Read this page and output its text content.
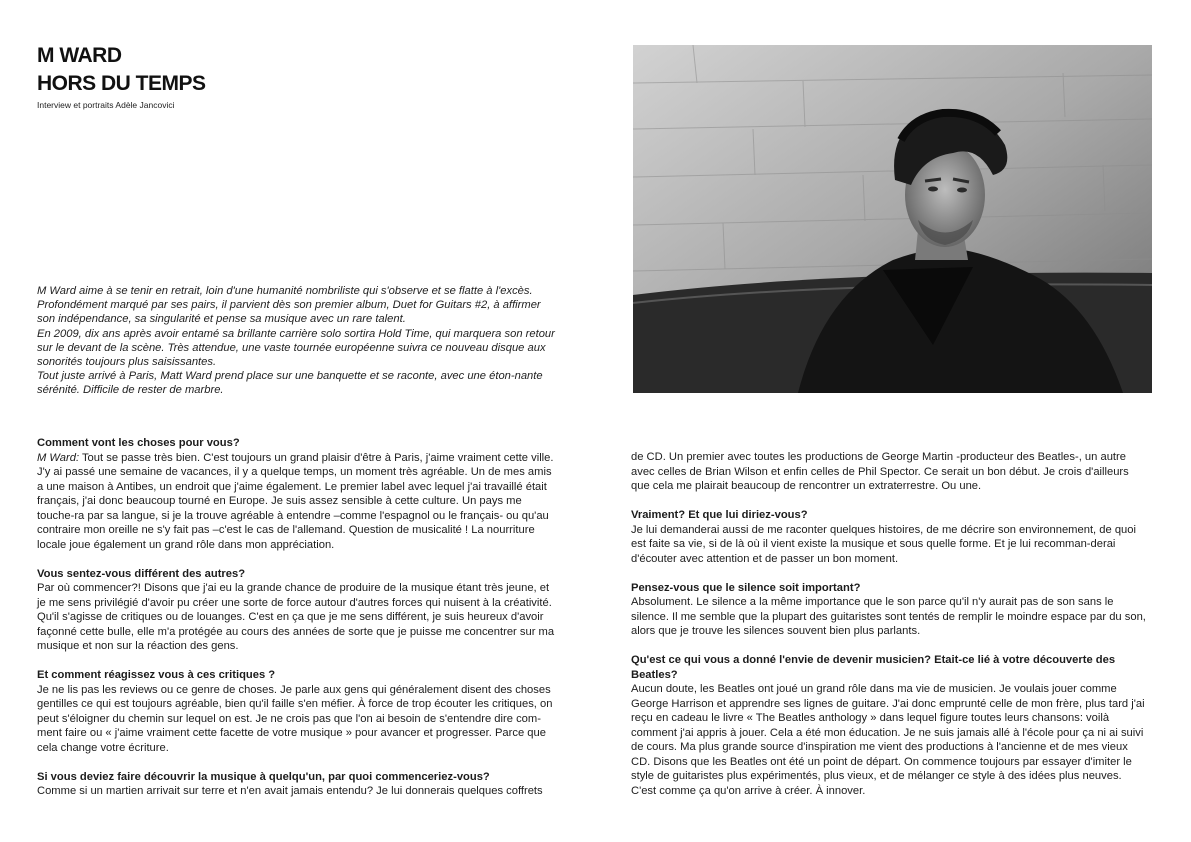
M WARD
HORS DU TEMPS

Interview et portraits Adèle Jancovici

M Ward aime à se tenir en retrait, loin d'une humanité nombriliste qui s'observe et se flatte à l'excès. Profondément marqué par ses pairs, il parvient dès son premier album, Duet for Guitars #2, à affirmer son indépendance, sa singularité et pense sa musique avec un rare talent.

En 2009, dix ans après avoir entamé sa brillante carrière solo sortira Hold Time, qui marquera son retour sur le devant de la scène. Très attendue, une vaste tournée européenne suivra ce nouveau disque aux sonorités toujours plus saisissantes.

Tout juste arrivé à Paris, Matt Ward prend place sur une banquette et se raconte, avec une éton-nante sérénité. Difficile de rester de marbre.

Comment vont les choses pour vous?

M Ward: Tout se passe très bien. C'est toujours un grand plaisir d'être à Paris, j'aime vraiment cette ville. J'y ai passé une semaine de vacances, il y a quelque temps, un moment très agréable. Un de mes amis a une maison à Antibes, un endroit que j'aime également. Le premier label avec lequel j'ai travaillé était français, j'ai donc beaucoup tourné en Europe. Je suis assez sensible à cette culture. Un pays me touche-ra par sa langue, si je la trouve agréable à entendre –comme l'espagnol ou le français- ou qu'au contraire mon oreille ne s'y fait pas –c'est le cas de l'allemand. Question de musicalité ! La nourriture locale joue également un grand rôle dans mon appréciation.

Vous sentez-vous différent des autres?

Par où commencer?! Disons que j'ai eu la grande chance de produire de la musique étant très jeune, et je me sens privilégié d'avoir pu créer une sorte de force autour d'autres forces qui nuisent à la créativité. Qu'il s'agisse de critiques ou de louanges. C'est en ça que je me sens différent, je suis heureux d'avoir façonné cette bulle, elle m'a protégée au cours des années de sorte que je puisse me concentrer sur ma musique et non sur la réaction des gens.

Et comment réagissez vous à ces critiques ?

Je ne lis pas les reviews ou ce genre de choses. Je parle aux gens qui généralement disent des choses gentilles ce qui est toujours agréable, bien qu'il faille s'en méfier. À force de trop écouter les critiques, on peut s'éloigner du chemin sur lequel on est. Je ne crois pas que l'on ai besoin de s'entendre dire com-ment faire ou « j'aime vraiment cette facette de votre musique » pour avancer et progresser. Parce que cela change votre écriture.

Si vous deviez faire découvrir la musique à quelqu'un, par quoi commenceriez-vous?

Comme si un martien arrivait sur terre et n'en avait jamais entendu? Je lui donnerais quelques coffrets

de CD. Un premier avec toutes les productions de George Martin -producteur des Beatles-, un autre avec celles de Brian Wilson et enfin celles de Phil Spector. Ce serait un bon début. Je crois d'ailleurs que cela me plairait beaucoup de rencontrer un extraterrestre. Ou une.

Vraiment? Et que lui diriez-vous?

Je lui demanderai aussi de me raconter quelques histoires, de me décrire son environnement, de quoi est faite sa vie, si de là où il vient existe la musique et sous quelle forme. Et je lui recomman-derai d'écouter avec attention et de passer un bon moment.

Pensez-vous que le silence soit important?

Absolument. Le silence a la même importance que le son parce qu'il n'y aurait pas de son sans le silence. Il me semble que la plupart des guitaristes sont tentés de remplir le moindre espace par du son, alors que je trouve les silences souvent bien plus parlants.

Qu'est ce qui vous a donné l'envie de devenir musicien? Etait-ce lié à votre découverte des Beatles?

Aucun doute, les Beatles ont joué un grand rôle dans ma vie de musicien. Je voulais jouer comme George Harrison et apprendre ses lignes de guitare. J'ai donc emprunté celle de mon frère, plus tard j'ai reçu en cadeau le livre « The Beatles anthology » dans lequel figure toutes leurs chansons: voilà comment j'ai appris à jouer. Cela a été mon éducation. Je ne suis jamais allé à l'école pour ça ni ai suivi de cours. Ma plus grande source d'inspiration me vient des productions à l'ancienne et de mes vieux CD. Disons que les Beatles ont été un point de départ. On commence toujours par essayer d'imiter le style de guitaristes plus expérimentés, plus vieux, et de mélanger ce style à des idées plus neuves. C'est comme ça qu'on arrive à créer. À innover.
